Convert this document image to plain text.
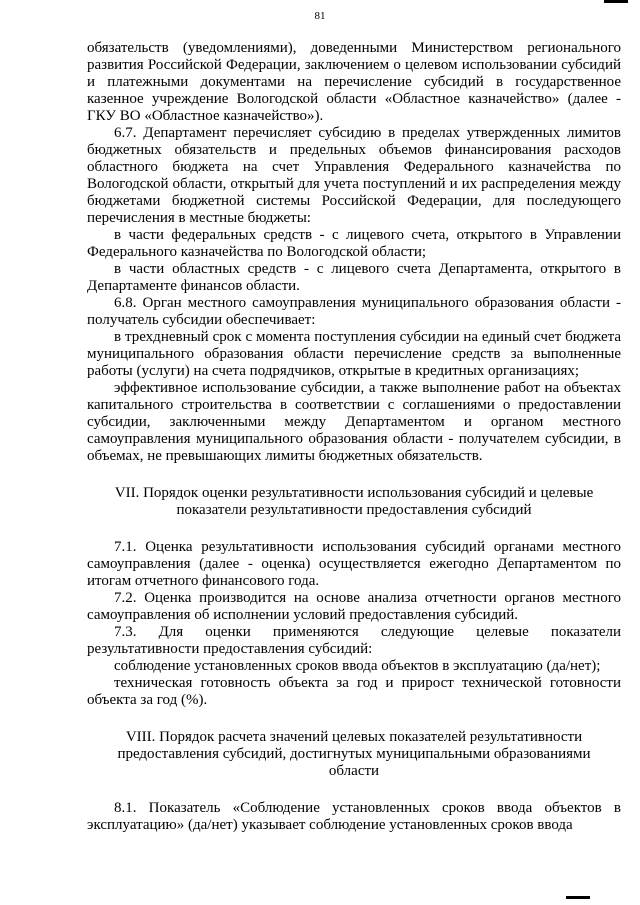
81

обязательств (уведомлениями), доведенными Министерством регионального развития Российской Федерации, заключением о целевом использовании субсидий и платежными документами на перечисление субсидий в государственное казенное учреждение Вологодской области «Областное казначейство» (далее - ГКУ ВО «Областное казначейство»).

6.7. Департамент перечисляет субсидию в пределах утвержденных лимитов бюджетных обязательств и предельных объемов финансирования расходов областного бюджета на счет Управления Федерального казначейства по Вологодской области, открытый для учета поступлений и их распределения между бюджетами бюджетной системы Российской Федерации, для последующего перечисления в местные бюджеты:

в части федеральных средств - с лицевого счета, открытого в Управлении Федерального казначейства по Вологодской области;

в части областных средств - с лицевого счета Департамента, открытого в Департаменте финансов области.

6.8. Орган местного самоуправления муниципального образования области - получатель субсидии обеспечивает:

в трехдневный срок с момента поступления субсидии на единый счет бюджета муниципального образования области перечисление средств за выполненные работы (услуги) на счета подрядчиков, открытые в кредитных организациях;

эффективное использование субсидии, а также выполнение работ на объектах капитального строительства в соответствии с соглашениями о предоставлении субсидии, заключенными между Департаментом и органом местного самоуправления муниципального образования области - получателем субсидии, в объемах, не превышающих лимиты бюджетных обязательств.

VII. Порядок оценки результативности использования субсидий и целевые показатели результативности предоставления субсидий

7.1. Оценка результативности использования субсидий органами местного самоуправления (далее - оценка) осуществляется ежегодно Департаментом по итогам отчетного финансового года.

7.2. Оценка производится на основе анализа отчетности органов местного самоуправления об исполнении условий предоставления субсидий.

7.3. Для оценки применяются следующие целевые показатели результативности предоставления субсидий:

соблюдение установленных сроков ввода объектов в эксплуатацию (да/нет);

техническая готовность объекта за год и прирост технической готовности объекта за год (%).

VIII. Порядок расчета значений целевых показателей результативности предоставления субсидий, достигнутых муниципальными образованиями области

8.1. Показатель «Соблюдение установленных сроков ввода объектов в эксплуатацию» (да/нет) указывает соблюдение установленных сроков ввода
